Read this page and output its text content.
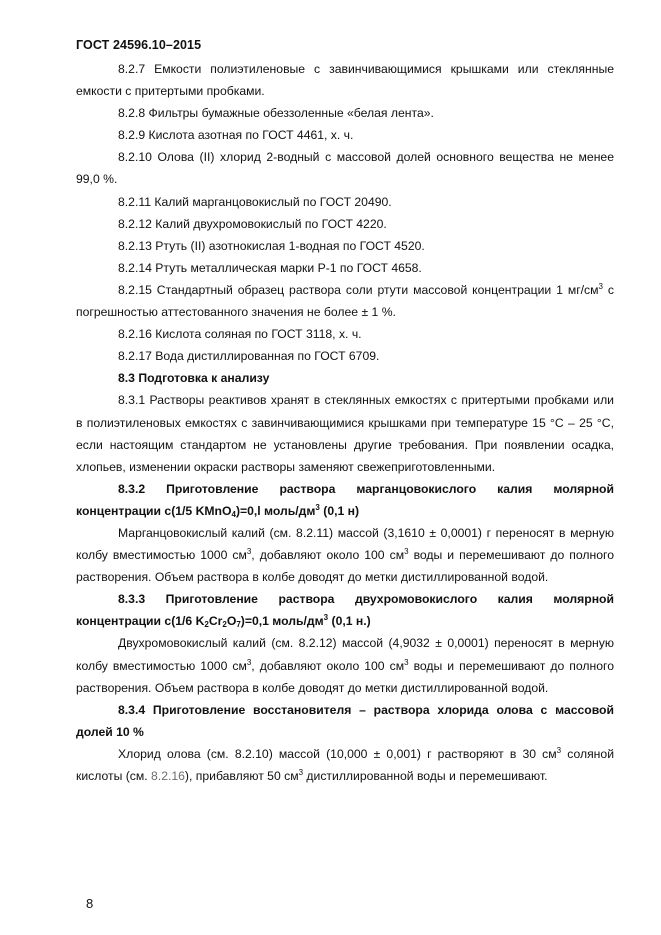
ГОСТ 24596.10–2015

8.2.7 Емкости полиэтиленовые с завинчивающимися крышками или стеклянные емкости с притертыми пробками.

8.2.8 Фильтры бумажные обеззоленные «белая лента».

8.2.9 Кислота азотная по ГОСТ 4461, х. ч.

8.2.10 Олова (II) хлорид 2-водный с массовой долей основного вещества не менее 99,0 %.

8.2.11 Калий марганцовокислый по ГОСТ 20490.

8.2.12 Калий двухромовокислый по ГОСТ 4220.

8.2.13 Ртуть (II) азотнокислая 1-водная по ГОСТ 4520.

8.2.14 Ртуть металлическая марки Р-1 по ГОСТ 4658.

8.2.15 Стандартный образец раствора соли ртути массовой концентрации 1 $мг/см^3$ с погрешностью аттестованного значения не более ± 1 %.

8.2.16 Кислота соляная по ГОСТ 3118, х. ч.

8.2.17 Вода дистиллированная по ГОСТ 6709.

8.3 Подготовка к анализу

8.3.1 Растворы реактивов хранят в стеклянных емкостях с притертыми пробками или в полиэтиленовых емкостях с завинчивающимися крышками при температуре 15 °С – 25 °С, если настоящим стандартом не установлены другие требования. При появлении осадка, хлопьев, изменении окраски растворы заменяют свежеприготовленными.

8.3.2 Приготовление раствора марганцовокислого калия молярной концентрации с(1/5 KMnO$_4$)=0,l моль/$дм^3$ (0,1 н)

Марганцовокислый калий (см. 8.2.11) массой (3,1610 ± 0,0001) г переносят в мерную колбу вместимостью 1000 $см^3$, добавляют около 100 $см^3$ воды и перемешивают до полного растворения. Объем раствора в колбе доводят до метки дистиллированной водой.

8.3.3 Приготовление раствора двухромовокислого калия молярной концентрации с(1/6 $K_2Cr_2O_7)=0,1$ моль/$дм^3$ (0,1 н.)

Двухромовокислый калий (см. 8.2.12) массой (4,9032 ± 0,0001) переносят в мерную колбу вместимостью 1000 $см^3$, добавляют около 100 $см^3$ воды и перемешивают до полного растворения. Объем раствора в колбе доводят до метки дистиллированной водой.

8.3.4 Приготовление восстановителя – раствора хлорида олова с массовой долей 10 %

Хлорид олова (см. 8.2.10) массой (10,000 ± 0,001) г растворяют в 30 $см^3$ соляной кислоты (см. 8.2.16), прибавляют 50 $см^3$ дистиллированной воды и перемешивают.

8
